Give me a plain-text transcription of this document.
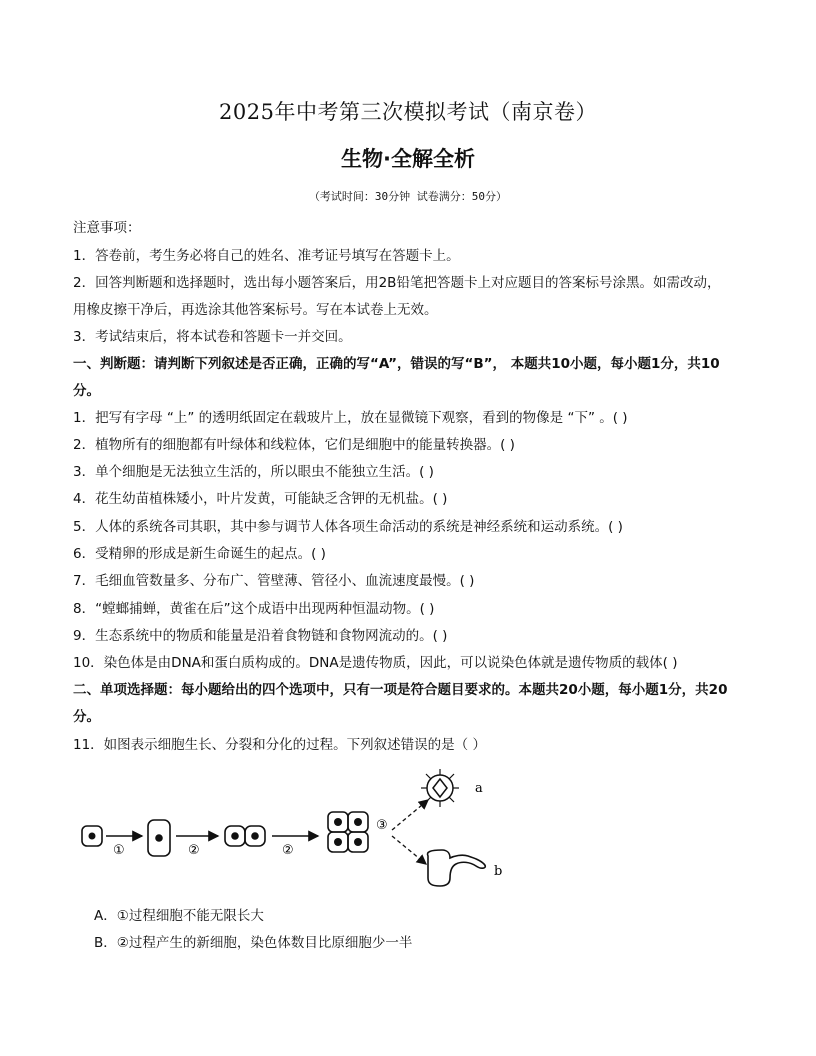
2025年中考第三次模拟考试（南京卷）
生物·全解全析
（考试时间：30分钟 试卷满分：50分）
注意事项：
1．答卷前，考生务必将自己的姓名、准考证号填写在答题卡上。
2．回答判断题和选择题时，选出每小题答案后，用2B铅笔把答题卡上对应题目的答案标号涂黑。如需改动，
用橡皮擦干净后，再选涂其他答案标号。写在本试卷上无效。
3．考试结束后，将本试卷和答题卡一并交回。
一、判断题：请判断下列叙述是否正确，正确的写“A”，错误的写“B”， 本题共10小题，每小题1分，共10
分。
1．把写有字母 “上” 的透明纸固定在载玻片上，放在显微镜下观察，看到的物像是 “下” 。( )
2．植物所有的细胞都有叶绿体和线粒体，它们是细胞中的能量转换器。( )
3．单个细胞是无法独立生活的，所以眼虫不能独立生活。( )
4．花生幼苗植株矮小，叶片发黄，可能缺乏含钾的无机盐。( )
5．人体的系统各司其职，其中参与调节人体各项生命活动的系统是神经系统和运动系统。( )
6．受精卵的形成是新生命诞生的起点。( )
7．毛细血管数量多、分布广、管壁薄、管径小、血流速度最慢。( )
8．“螳螂捕蝉，黄雀在后”这个成语中出现两种恒温动物。( )
9．生态系统中的物质和能量是沿着食物链和食物网流动的。( )
10．染色体是由DNA和蛋白质构成的。DNA是遗传物质，因此，可以说染色体就是遗传物质的载体( )
二、单项选择题：每小题给出的四个选项中，只有一项是符合题目要求的。本题共20小题，每小题1分，共20
分。
11．如图表示细胞生长、分裂和分化的过程。下列叙述错误的是（ ）
①	②	②
③
a
b
A．①过程细胞不能无限长大
B．②过程产生的新细胞，染色体数目比原细胞少一半
